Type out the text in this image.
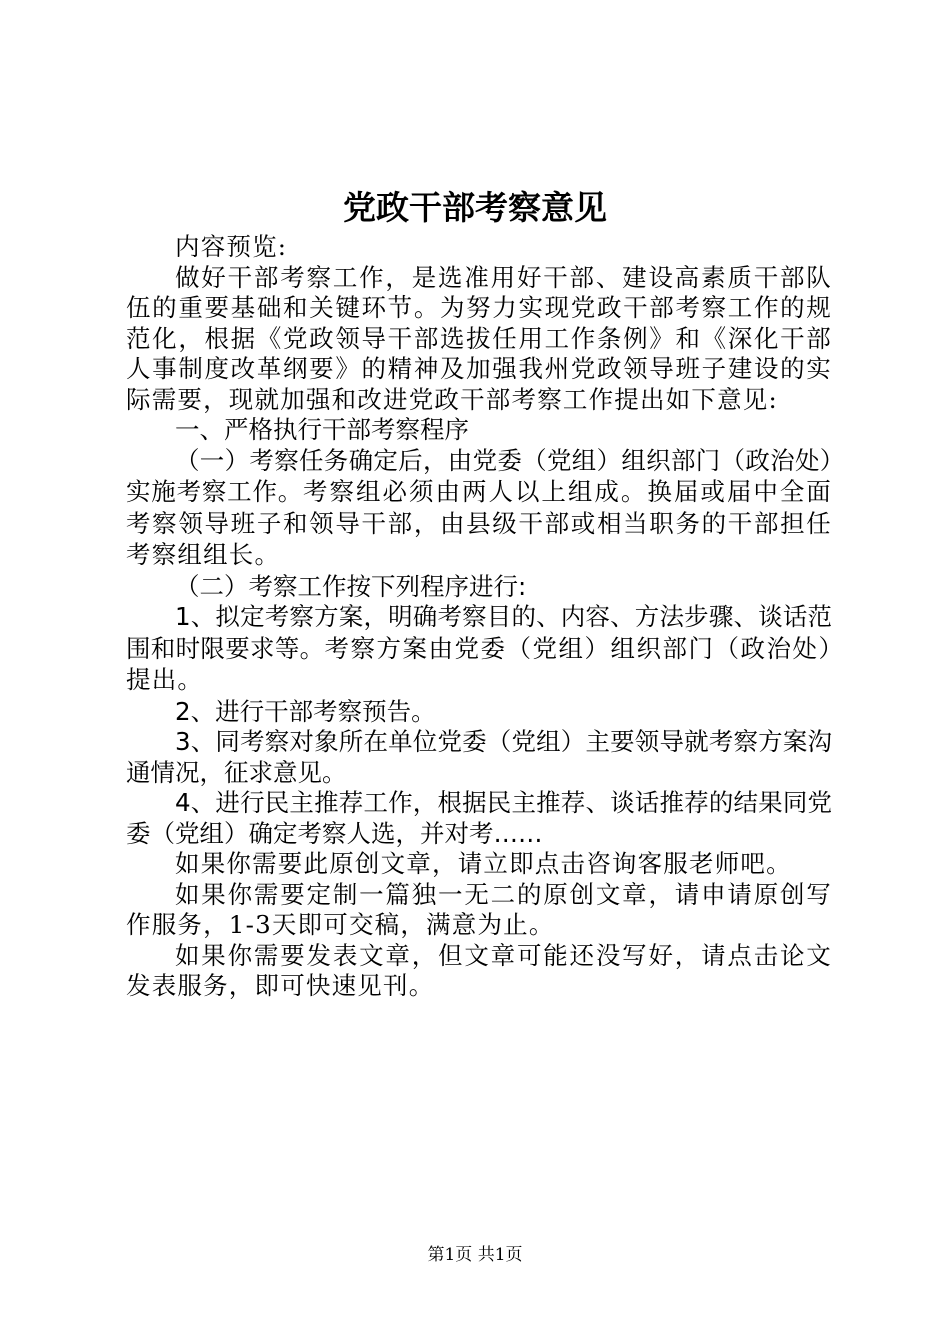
党政干部考察意见

内容预览:

做好干部考察工作，是选准用好干部、建设高素质干部队伍的重要基础和关键环节。为努力实现党政干部考察工作的规范化，根据《党政领导干部选拔任用工作条例》和《深化干部人事制度改革纲要》的精神及加强我州党政领导班子建设的实际需要，现就加强和改进党政干部考察工作提出如下意见:

一、严格执行干部考察程序

（一）考察任务确定后，由党委（党组）组织部门（政治处）实施考察工作。考察组必须由两人以上组成。换届或届中全面考察领导班子和领导干部，由县级干部或相当职务的干部担任考察组组长。

（二）考察工作按下列程序进行:

1、拟定考察方案，明确考察目的、内容、方法步骤、谈话范围和时限要求等。考察方案由党委（党组）组织部门（政治处）提出。

2、进行干部考察预告。

3、同考察对象所在单位党委（党组）主要领导就考察方案沟通情况，征求意见。

4、进行民主推荐工作，根据民主推荐、谈话推荐的结果同党委（党组）确定考察人选，并对考……

如果你需要此原创文章，请立即点击咨询客服老师吧。

如果你需要定制一篇独一无二的原创文章，请申请原创写作服务，1-3天即可交稿，满意为止。

如果你需要发表文章，但文章可能还没写好，请点击论文发表服务，即可快速见刊。

第1页 共1页
